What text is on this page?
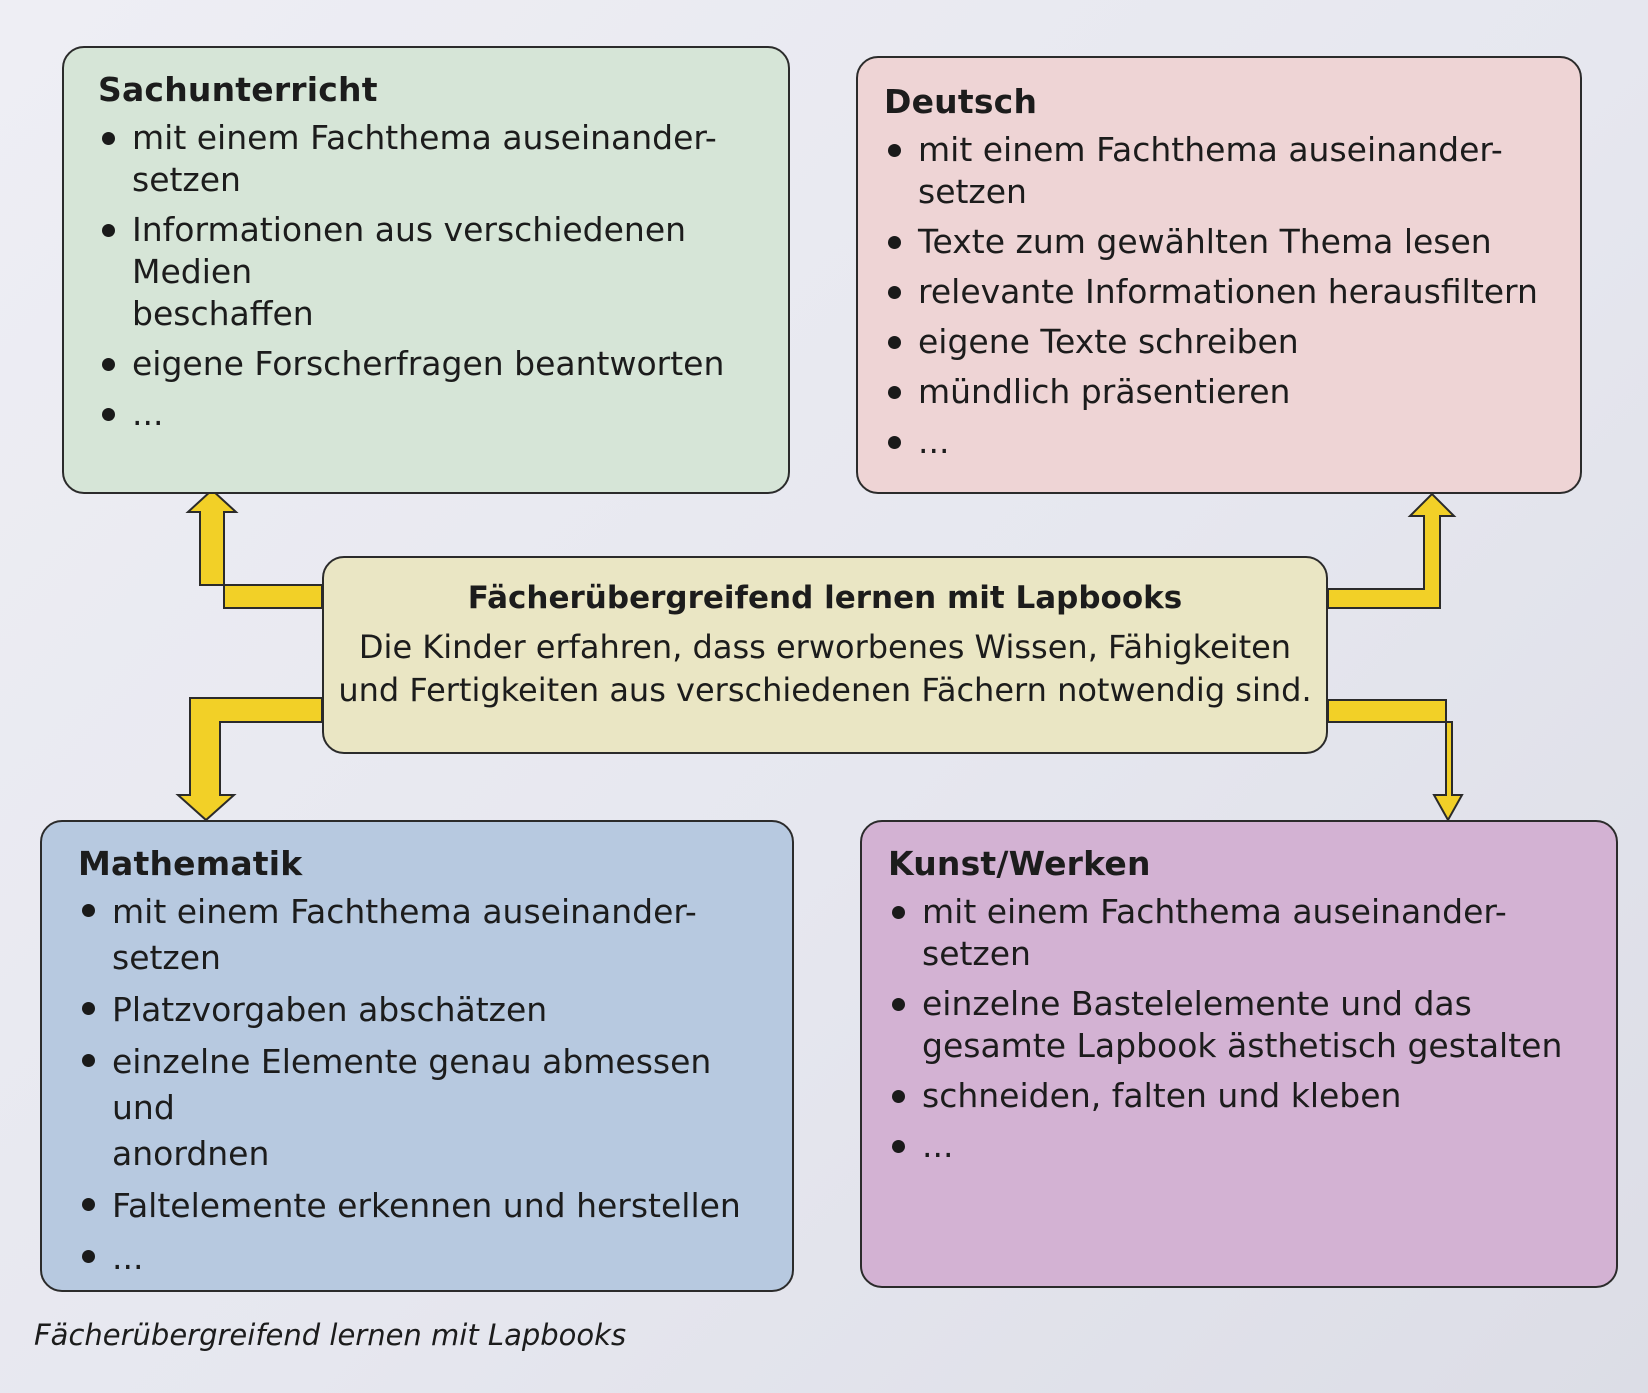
Sachunterricht
mit einem Fachthema auseinander-
setzen
Informationen aus verschiedenen Medien
beschaffen
eigene Forscherfragen beantworten
...
Deutsch
mit einem Fachthema auseinander-
setzen
Texte zum gewählten Thema lesen
relevante Informationen herausfiltern
eigene Texte schreiben
mündlich präsentieren
...

Fächerübergreifend lernen mit Lapbooks

Die Kinder erfahren, dass erworbenes Wissen, Fähigkeiten
und Fertigkeiten aus verschiedenen Fächern notwendig sind.

Mathematik
mit einem Fachthema auseinander-
setzen
Platzvorgaben abschätzen
einzelne Elemente genau abmessen und
anordnen
Faltelemente erkennen und herstellen
...
Kunst/Werken
mit einem Fachthema auseinander-
setzen
einzelne Bastelelemente und das
gesamte Lapbook ästhetisch gestalten
schneiden, falten und kleben
...
Fächerübergreifend lernen mit Lapbooks
